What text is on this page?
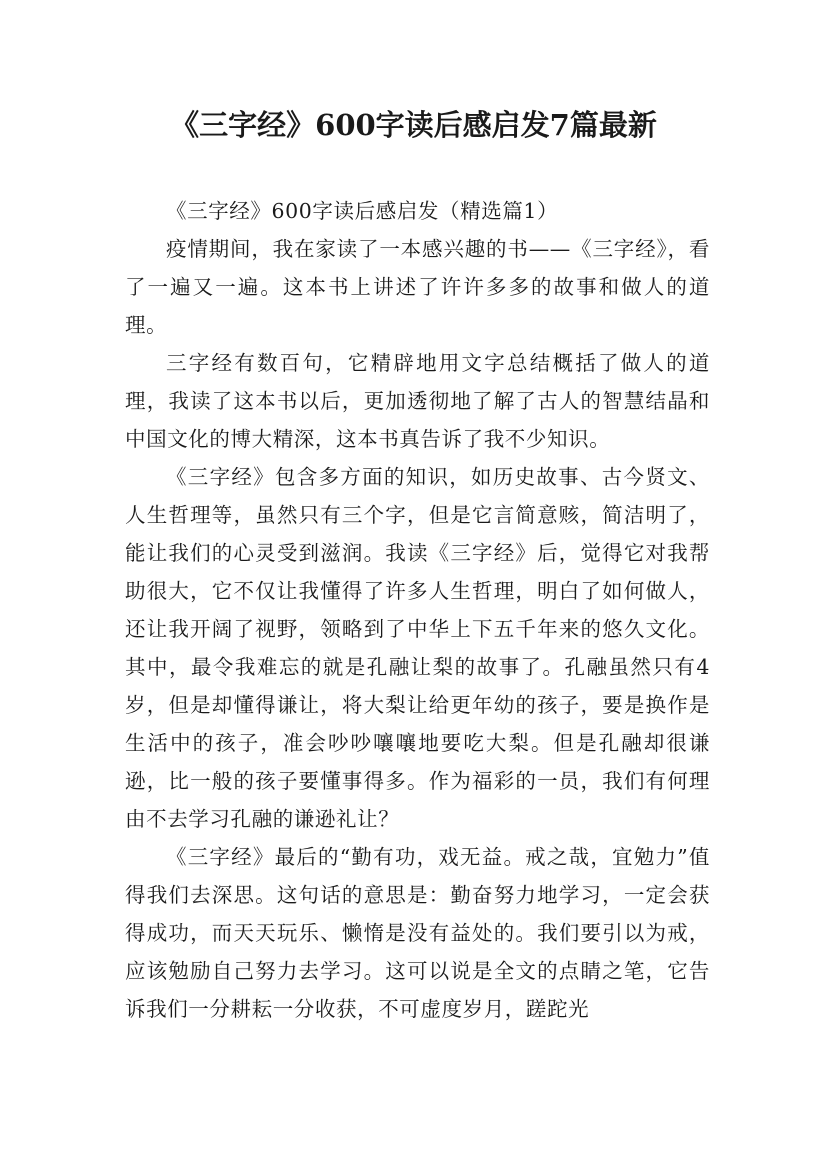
《三字经》600字读后感启发7篇最新

《三字经》600字读后感启发（精选篇1）

疫情期间，我在家读了一本感兴趣的书——《三字经》，看了一遍又一遍。这本书上讲述了许许多多的故事和做人的道理。

三字经有数百句，它精辟地用文字总结概括了做人的道理，我读了这本书以后，更加透彻地了解了古人的智慧结晶和中国文化的博大精深，这本书真告诉了我不少知识。

《三字经》包含多方面的知识，如历史故事、古今贤文、人生哲理等，虽然只有三个字，但是它言简意赅，简洁明了，能让我们的心灵受到滋润。我读《三字经》后，觉得它对我帮助很大，它不仅让我懂得了许多人生哲理，明白了如何做人，还让我开阔了视野，领略到了中华上下五千年来的悠久文化。其中，最令我难忘的就是孔融让梨的故事了。孔融虽然只有4岁，但是却懂得谦让，将大梨让给更年幼的孩子，要是换作是生活中的孩子，准会吵吵嚷嚷地要吃大梨。但是孔融却很谦逊，比一般的孩子要懂事得多。作为福彩的一员，我们有何理由不去学习孔融的谦逊礼让？

《三字经》最后的“勤有功，戏无益。戒之哉，宜勉力”值得我们去深思。这句话的意思是：勤奋努力地学习，一定会获得成功，而天天玩乐、懒惰是没有益处的。我们要引以为戒，应该勉励自己努力去学习。这可以说是全文的点睛之笔，它告诉我们一分耕耘一分收获，不可虚度岁月，蹉跎光
